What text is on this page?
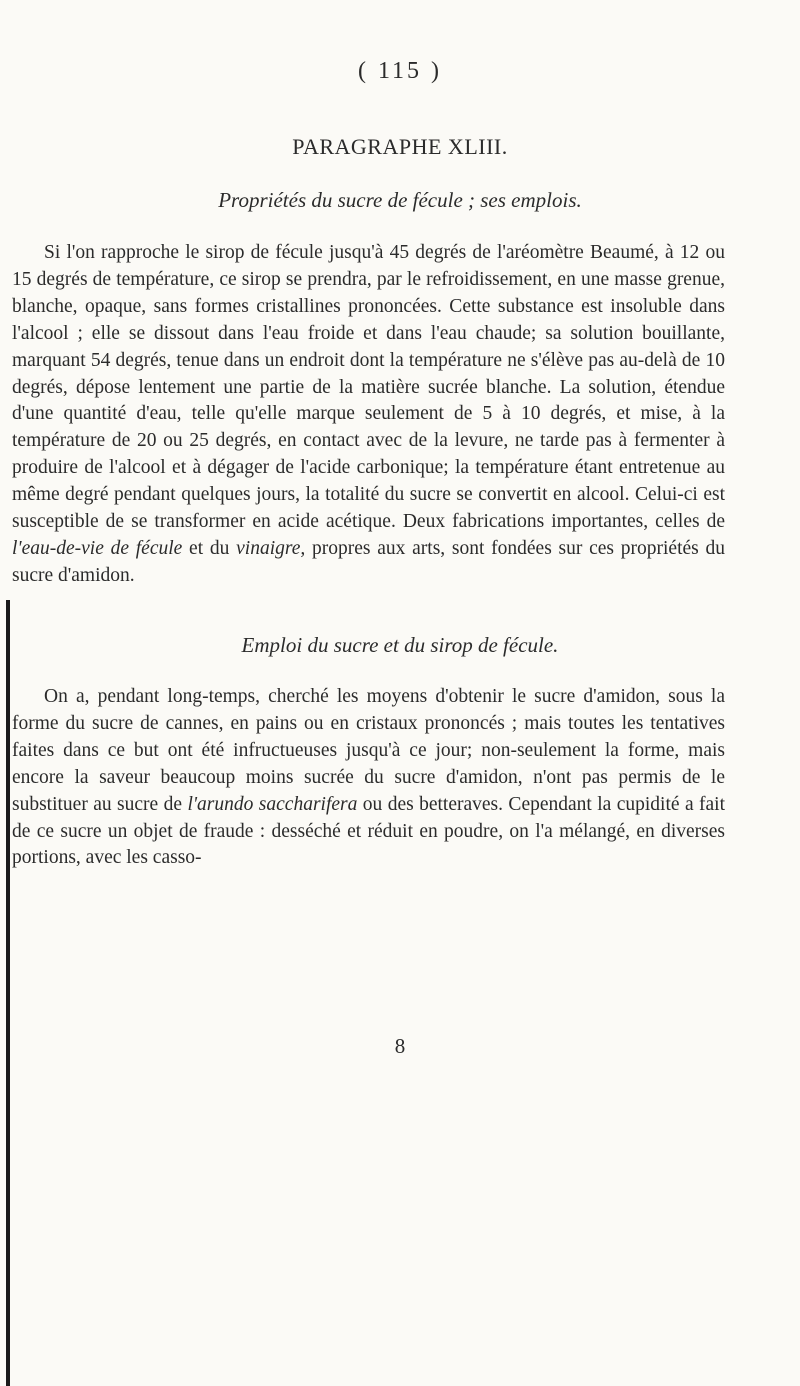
( 115 )
PARAGRAPHE XLIII.
Propriétés du sucre de fécule ; ses emplois.

Si l'on rapproche le sirop de fécule jusqu'à 45 degrés de l'aréomètre Beaumé, à 12 ou 15 degrés de température, ce sirop se prendra, par le refroidissement, en une masse grenue, blanche, opaque, sans formes cristallines prononcées. Cette substance est insoluble dans l'alcool ; elle se dissout dans l'eau froide et dans l'eau chaude; sa solution bouillante, marquant 54 degrés, tenue dans un endroit dont la température ne s'élève pas au-delà de 10 degrés, dépose lentement une partie de la matière sucrée blanche. La solution, étendue d'une quantité d'eau, telle qu'elle marque seulement de 5 à 10 degrés, et mise, à la température de 20 ou 25 degrés, en contact avec de la levure, ne tarde pas à fermenter à produire de l'alcool et à dégager de l'acide carbonique; la température étant entretenue au même degré pendant quelques jours, la totalité du sucre se convertit en alcool. Celui-ci est susceptible de se transformer en acide acétique. Deux fabrications importantes, celles de l'eau-de-vie de fécule et du vinaigre, propres aux arts, sont fondées sur ces propriétés du sucre d'amidon.

Emploi du sucre et du sirop de fécule.

On a, pendant long-temps, cherché les moyens d'obtenir le sucre d'amidon, sous la forme du sucre de cannes, en pains ou en cristaux prononcés ; mais toutes les tentatives faites dans ce but ont été infructueuses jusqu'à ce jour; non-seulement la forme, mais encore la saveur beaucoup moins sucrée du sucre d'amidon, n'ont pas permis de le substituer au sucre de l'arundo saccharifera ou des betteraves. Cependant la cupidité a fait de ce sucre un objet de fraude : desséché et réduit en poudre, on l'a mélangé, en diverses portions, avec les casso-

8
